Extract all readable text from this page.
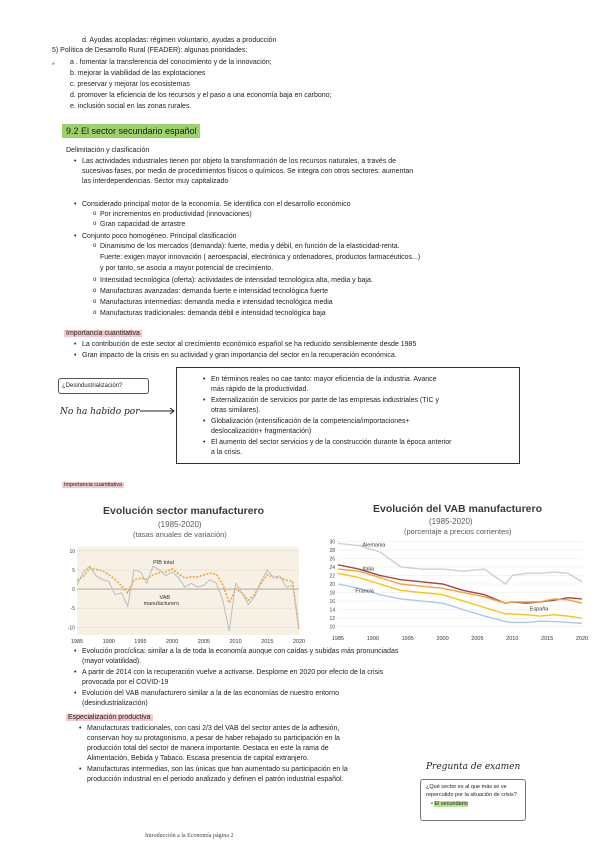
d. Ayudas acopladas: régimen voluntario, ayudas a producción
5) Política de Desarrollo Rural (FEADER): algunas prioridades:
* a . fomentar la transferencia del conocimiento y de la innovación;
b. mejorar la viabilidad de las explotaciones
c. preservar y mejorar los ecosistemas
d. promover la eficiencia de los recursos y el paso a una economía baja en carbono;
e. inclusión social en las zonas rurales.
9.2 El sector secundario español
Delimitación y clasificación
• Las actividades industriales tienen por objeto la transformación de los recursos naturales, a través de
sucesivas fases, por medio de procedimientos físicos o químicos. Se integra con otros sectores: aumentan
las interdependencias. Sector muy capitalizado
• Considerado principal motor de la economía. Se identifica con el desarrollo económico
o Por incrementos en productividad (innovaciones)
o Gran capacidad de arrastre
• Conjunto poco homogéneo. Principal clasificación
o Dinamismo de los mercados (demanda): fuerte, media y débil, en función de la elasticidad-renta.
Fuerte: exigen mayor innovación ( aeroespacial, electrónica y ordenadores, productos farmacéuticos...)
y por tanto, se asocia a mayor potencial de crecimiento.
o Intensidad tecnológica (oferta): actividades de intensidad tecnológica alta, media y baja.
o Manufacturas avanzadas: demanda fuerte e intensidad tecnológica fuerte
o Manufacturas intermedias: demanda media e intensidad tecnológica media
o Manufacturas tradicionales: demanda débil e intensidad tecnológica baja
Importancia cuantitativa
• La contribución de este sector al crecimiento económico español se ha reducido sensiblemente desde 1985
• Gran impacto de la crisis en su actividad y gran importancia del sector en la recuperación económica.
¿Desindustrialización?
No ha habido por
• En términos reales no cae tanto: mayor eficiencia de la industria. Avance
más rápido de la productividad.
• Externalización de servicios por parte de las empresas industriales (TIC y
otras similares).
• Globalización (intensificación de la competencia/importaciones+
deslocalización+ fragmentación)
• El aumento del sector servicios y de la construcción durante la época anterior
a la crisis.
Importancia cuantitativa
Evolución sector manufacturero
(1985-2020)
(tasas anuales de variación)
10
5
0
-5
-10
1985	1990	1995	2000	2005	2010	2015	2020
PIB total
VAB
manufacturero
Evolución del VAB manufacturero
(1985-2020)
(porcentaje a precios corrientes)
30
28
26
24
22
20
18
16
14
12
10
1985	1990	1995	2000	2005	2010	2015	2020
Alemania
Italia
Francia
España
• Evolución procíclica: similar a la de toda la economía aunque con caídas y subidas más pronunciadas
(mayor volatilidad).
• A partir de 2014 con la recuperación vuelve a activarse. Desplome en 2020 por efecto de la crisis
provocada por el COVID-19
• Evolución del VAB manufacturero similar a la de las economías de nuestro entorno
(desindustrialización)
Especialización productiva
• Manufacturas tradicionales, con casi 2/3 del VAB del sector antes de la adhesión,
conservan hoy su protagonismo, a pesar de haber rebajado su participación en la
producción total del sector de manera importante. Destaca en este la rama de
Alimentación, Bebida y Tabaco. Escasa presencia de capital extranjero.
• Manufacturas intermedias, son las únicas que han aumentado su participación en la
producción industrial en el periodo analizado y definen el patrón industrial español.
Pregunta de examen
¿Qué sector es al que más se ve
repercutido por la situación de crisis?
• El secundario
Introducción a la Economía página 2
